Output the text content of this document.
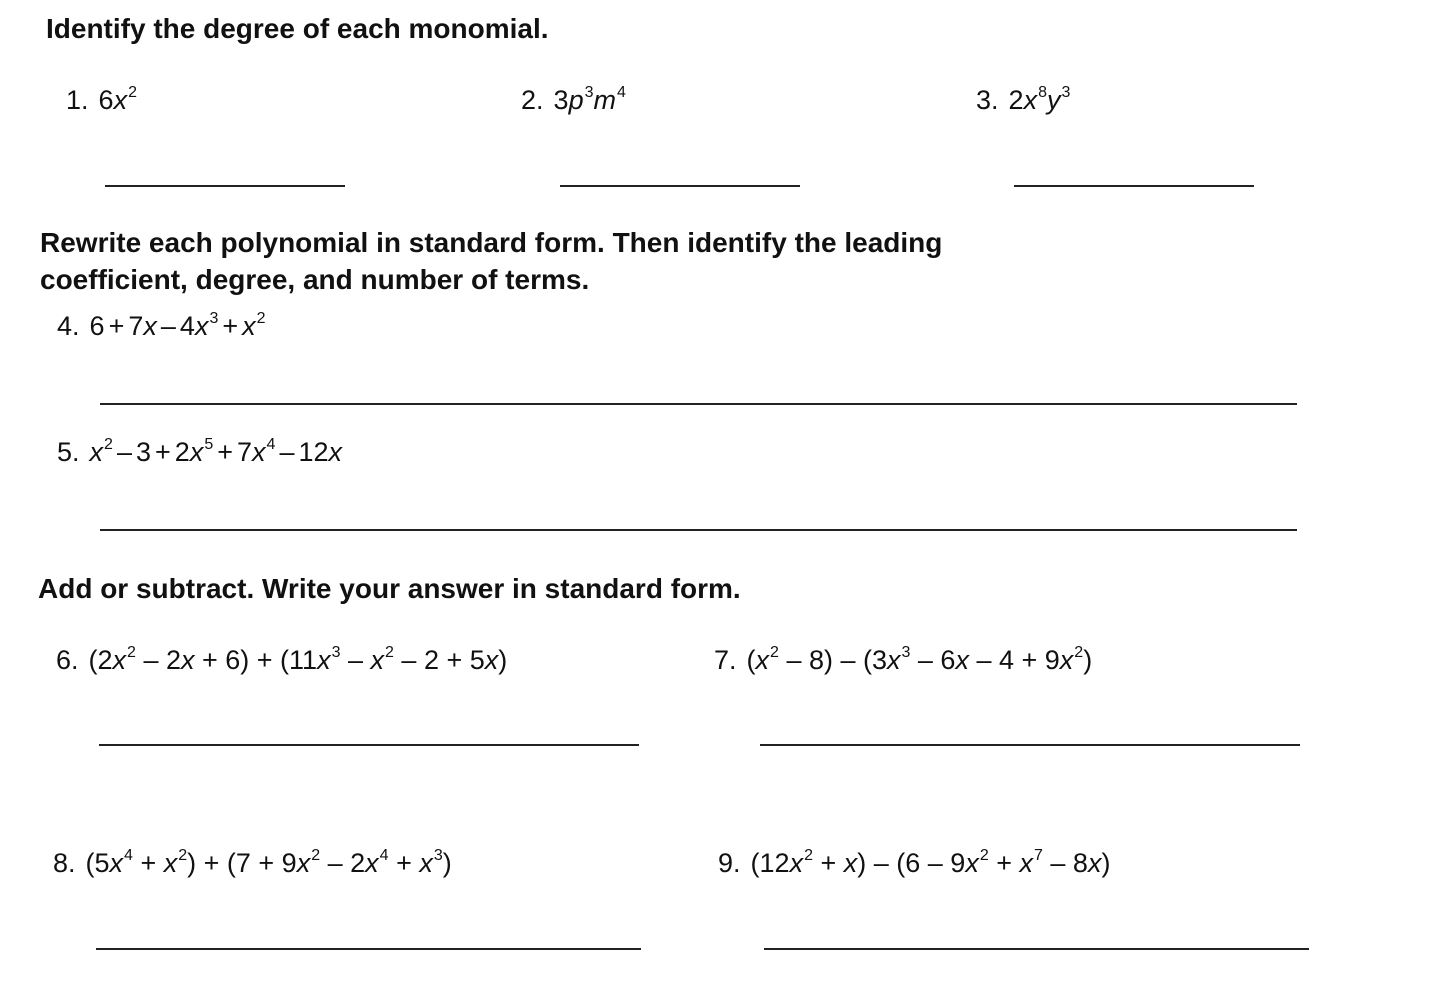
Identify the degree of each monomial.
1. $6x^2$	2. $3p^3m^4$	3. $2x^8y^3$
Rewrite each polynomial in standard form. Then identify the leading
coefficient, degree, and number of terms.
4. $6 + 7x - 4x^3 + x^2$
5. $x^2 - 3 + 2x^5 + 7x^4 - 12x$
Add or subtract. Write your answer in standard form.
6. $(2x^2 - 2x + 6) + (11x^3 - x^2 - 2 + 5x)$	7. $(x^2 - 8) - (3x^3 - 6x - 4 + 9x^2)$
8. $(5x^4 + x^2) + (7 + 9x^2 - 2x^4 + x^3)$	9. $(12x^2 + x) - (6 - 9x^2 + x^7 - 8x)$
